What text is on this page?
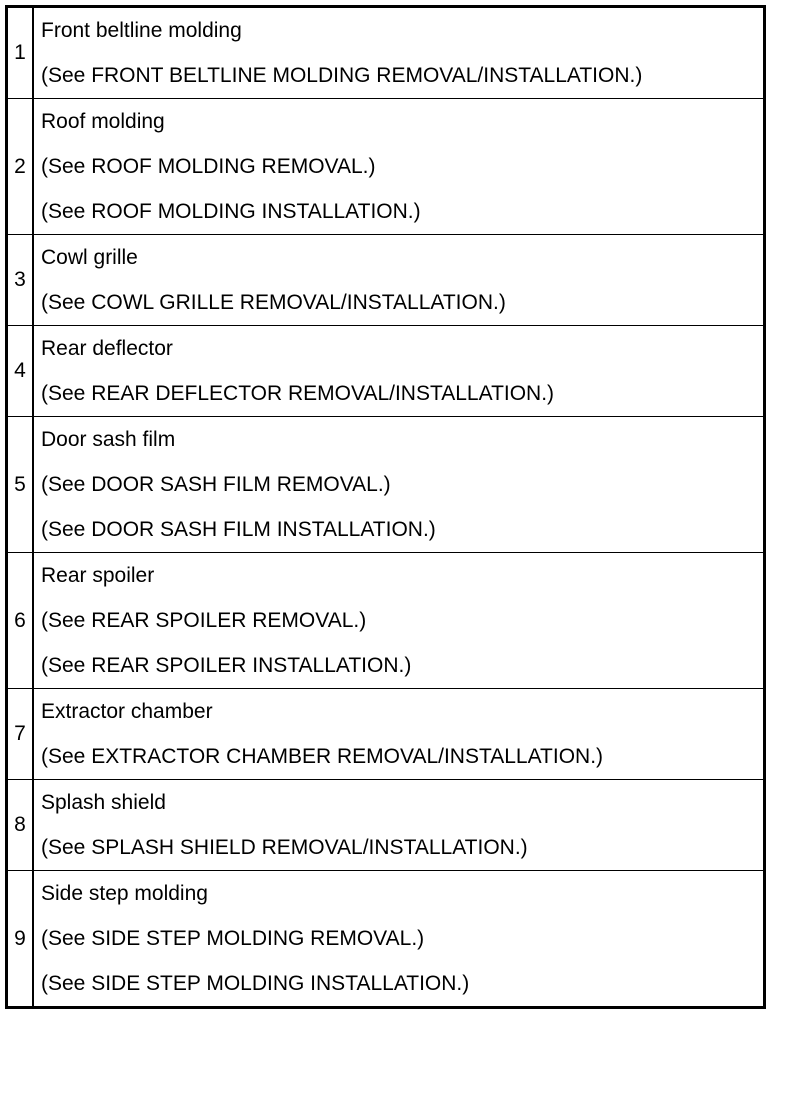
1	Front beltline molding
(See FRONT BELTLINE MOLDING REMOVAL/INSTALLATION.)

2	Roof molding
(See ROOF MOLDING REMOVAL.)
(See ROOF MOLDING INSTALLATION.)

3	Cowl grille
(See COWL GRILLE REMOVAL/INSTALLATION.)

4	Rear deflector
(See REAR DEFLECTOR REMOVAL/INSTALLATION.)

5	Door sash film
(See DOOR SASH FILM REMOVAL.)
(See DOOR SASH FILM INSTALLATION.)

6	Rear spoiler
(See REAR SPOILER REMOVAL.)
(See REAR SPOILER INSTALLATION.)

7	Extractor chamber
(See EXTRACTOR CHAMBER REMOVAL/INSTALLATION.)

8	Splash shield
(See SPLASH SHIELD REMOVAL/INSTALLATION.)

9	Side step molding
(See SIDE STEP MOLDING REMOVAL.)
(See SIDE STEP MOLDING INSTALLATION.)
